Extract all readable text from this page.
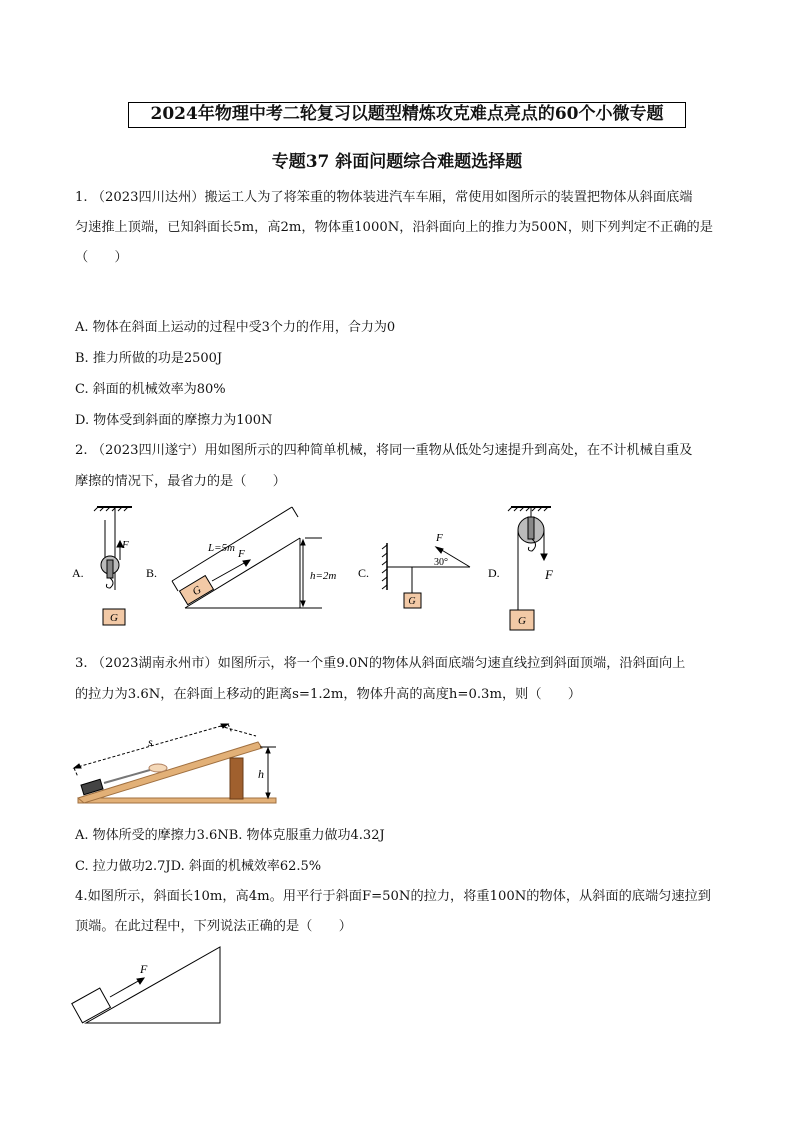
2024年物理中考二轮复习以题型精炼攻克难点亮点的60个小微专题
专题37 斜面问题综合难题选择题
1. （2023四川达州）搬运工人为了将笨重的物体装进汽车车厢，常使用如图所示的装置把物体从斜面底端
匀速推上顶端，已知斜面长5m，高2m，物体重1000N，沿斜面向上的推力为500N，则下列判定不正确的是
（　　）
A. 物体在斜面上运动的过程中受3个力的作用，合力为0
B. 推力所做的功是2500J
C. 斜面的机械效率为80%
D. 物体受到斜面的摩擦力为100N
2. （2023四川遂宁）用如图所示的四种简单机械，将同一重物从低处匀速提升到高处，在不计机械自重及
摩擦的情况下，最省力的是（　　）
F
G
A.	B.
L=5m
h=2m
G
F
C.
G
F
30°
D.	F
G
3. （2023湖南永州市）如图所示，将一个重9.0N的物体从斜面底端匀速直线拉到斜面顶端，沿斜面向上
的拉力为3.6N，在斜面上移动的距离s=1.2m，物体升高的高度h=0.3m，则（　　）
s
h
A. 物体所受的摩擦力3.6NB. 物体克服重力做功4.32J
C. 拉力做功2.7JD. 斜面的机械效率62.5%
4.如图所示，斜面长10m，高4m。用平行于斜面F=50N的拉力，将重100N的物体，从斜面的底端匀速拉到
顶端。在此过程中，下列说法正确的是（　　）
F
